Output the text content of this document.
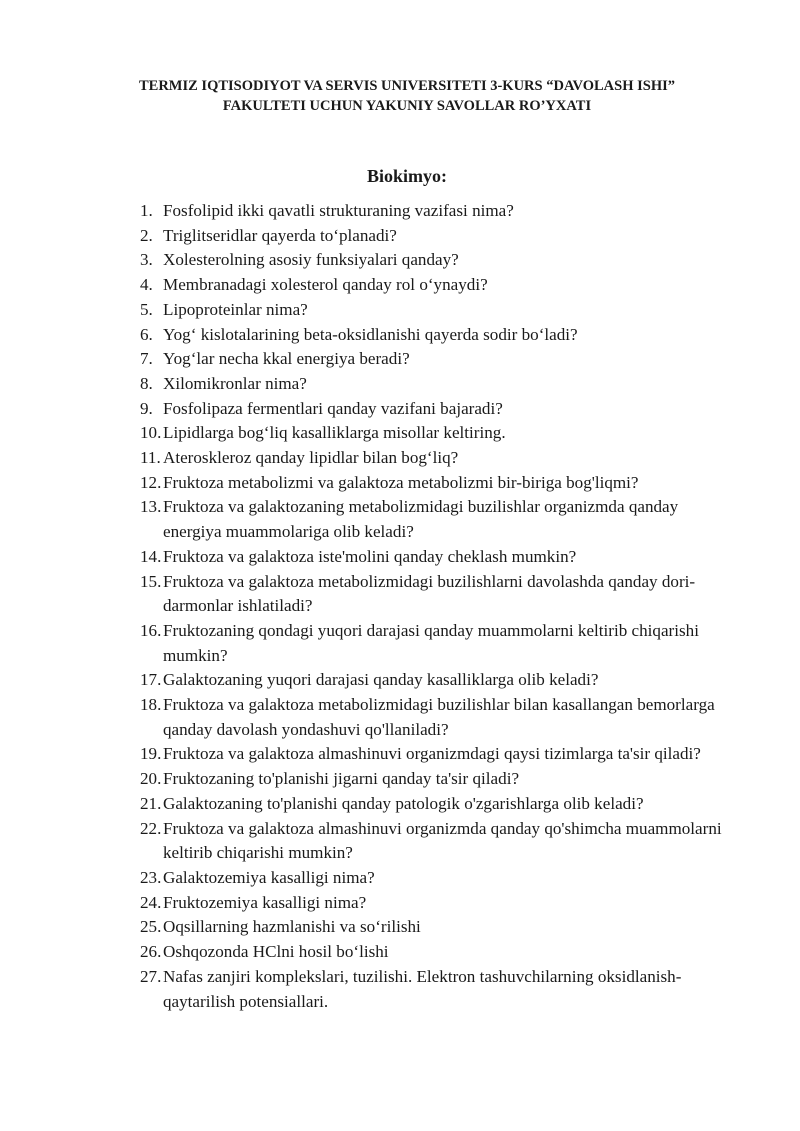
TERMIZ IQTISODIYOT VA SERVIS UNIVERSITETI 3-KURS “DAVOLASH ISHI”
FAKULTETI UCHUN YAKUNIY SAVOLLAR RO’YXATI
Biokimyo:
1. Fosfolipid ikki qavatli strukturaning vazifasi nima?
2. Triglitseridlar qayerda to‘planadi?
3. Xolesterolning asosiy funksiyalari qanday?
4. Membranadagi xolesterol qanday rol o‘ynaydi?
5. Lipoproteinlar nima?
6. Yog‘ kislotalarining beta-oksidlanishi qayerda sodir bo‘ladi?
7. Yog‘lar necha kkal energiya beradi?
8. Xilomikronlar nima?
9. Fosfolipaza fermentlari qanday vazifani bajaradi?
10. Lipidlarga bog‘liq kasalliklarga misollar keltiring.
11. Ateroskleroz qanday lipidlar bilan bog‘liq?
12. Fruktoza metabolizmi va galaktoza metabolizmi bir-biriga bog'liqmi?
13. Fruktoza va galaktozaning metabolizmidagi buzilishlar organizmda qanday energiya muammolariga olib keladi?
14. Fruktoza va galaktoza iste'molini qanday cheklash mumkin?
15. Fruktoza va galaktoza metabolizmidagi buzilishlarni davolashda qanday dori-darmonlar ishlatiladi?
16. Fruktozaning qondagi yuqori darajasi qanday muammolarni keltirib chiqarishi mumkin?
17. Galaktozaning yuqori darajasi qanday kasalliklarga olib keladi?
18. Fruktoza va galaktoza metabolizmidagi buzilishlar bilan kasallangan bemorlarga qanday davolash yondashuvi qo'llaniladi?
19. Fruktoza va galaktoza almashinuvi organizmdagi qaysi tizimlarga ta'sir qiladi?
20. Fruktozaning to'planishi jigarni qanday ta'sir qiladi?
21. Galaktozaning to'planishi qanday patologik o'zgarishlarga olib keladi?
22. Fruktoza va galaktoza almashinuvi organizmda qanday qo'shimcha muammolarni keltirib chiqarishi mumkin?
23. Galaktozemiya kasalligi nima?
24. Fruktozemiya kasalligi nima?
25. Oqsillarning hazmlanishi va so‘rilishi
26. Oshqozonda HClni hosil bo‘lishi
27. Nafas zanjiri komplekslari, tuzilishi. Elektron tashuvchilarning oksidlanish-qaytarilish potensiallari.
